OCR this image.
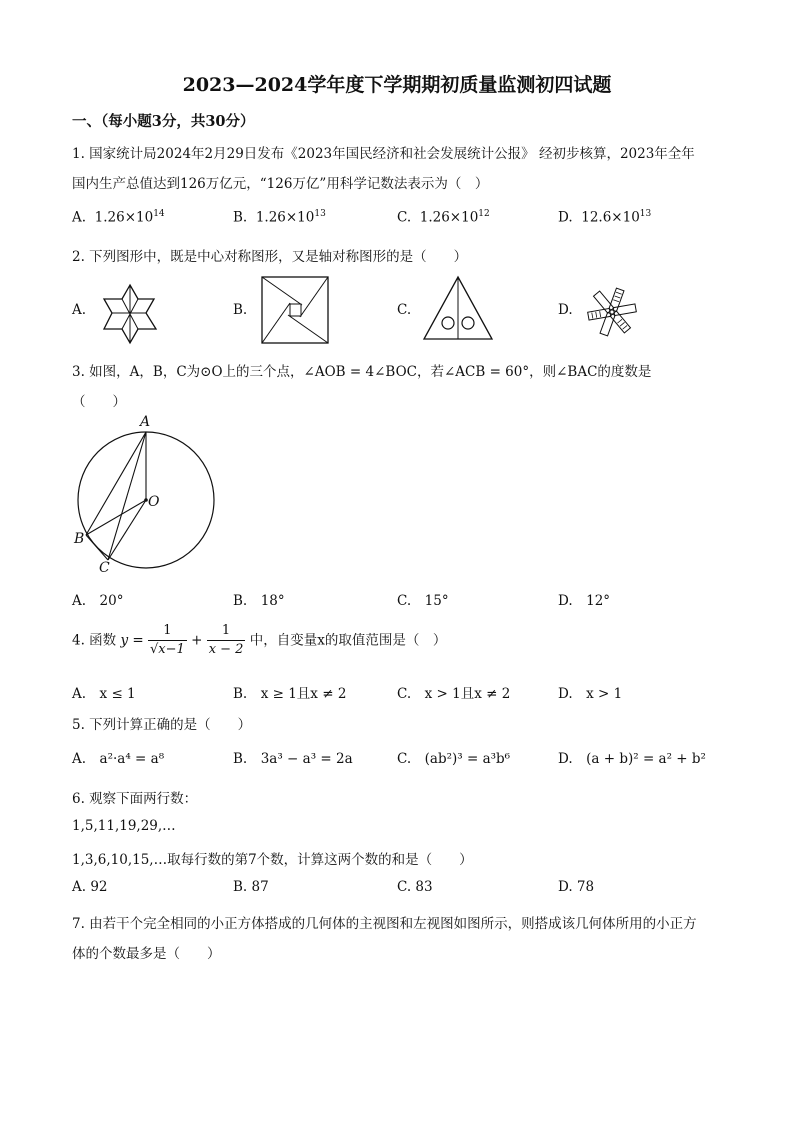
2023—2024学年度下学期期初质量监测初四试题
一、（每小题3分，共30分）
1. 国家统计局2024年2月29日发布《2023年国民经济和社会发展统计公报》 经初步核算，2023年全年
国内生产总值达到126万亿元，“126万亿”用科学记数法表示为（　）
A. $1.26\times 10^{14}$	B. $1.26\times 10^{13}$	C. $1.26\times 10^{12}$	D. $12.6\times 10^{13}$
2. 下列图形中，既是中心对称图形，又是轴对称图形的是（　　）
A.	B.	C.	D.
3. 如图，A，B，C为⊙O上的三个点，∠AOB = 4∠BOC，若∠ACB = 60°，则∠BAC的度数是
（　　）
A
O
B
C
A.　20°	B.　18°	C.　15°	D.　12°
4. 函数 $y = \frac{1}{√x-1} + \frac{1}{x - 2}$ 中，自变量x的取值范围是（　）
A.　x ≤ 1	B.　x ≥ 1且x ≠ 2	C.　x > 1且x ≠ 2	D.　x > 1
5. 下列计算正确的是（　　）
A.　a²·a⁴ = a⁸	B.　3a³ − a³ = 2a	C.　(ab²)³ = a³b⁶	D.　(a + b)² = a² + b²
6. 观察下面两行数：
1,5,11,19,29,…
1,3,6,10,15,…取每行数的第7个数，计算这两个数的和是（　　）
A. 92	B. 87	C. 83	D. 78
7. 由若干个完全相同的小正方体搭成的几何体的主视图和左视图如图所示，则搭成该几何体所用的小正方
体的个数最多是（　　）
